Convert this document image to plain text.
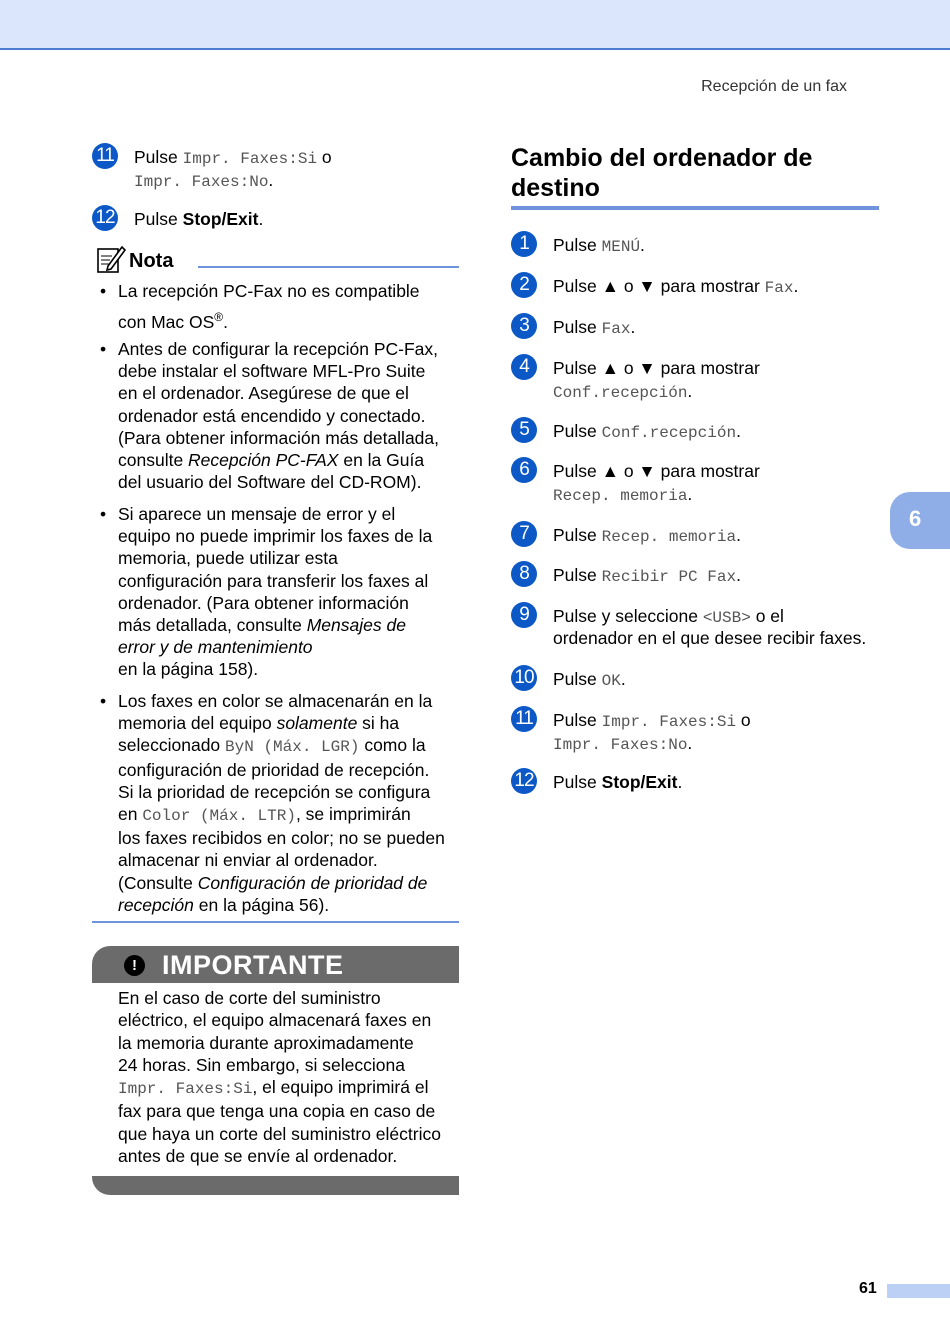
Recepción de un fax
11 Pulse Impr. Faxes:Si o
Impr. Faxes:No.
12 Pulse Stop/Exit.
Nota
• La recepción PC-Fax no es compatible
con Mac OS®.
• Antes de configurar la recepción PC-Fax,
debe instalar el software MFL-Pro Suite
en el ordenador. Asegúrese de que el
ordenador está encendido y conectado.
(Para obtener información más detallada,
consulte Recepción PC-FAX en la Guía
del usuario del Software del CD-ROM).
• Si aparece un mensaje de error y el
equipo no puede imprimir los faxes de la
memoria, puede utilizar esta
configuración para transferir los faxes al
ordenador. (Para obtener información
más detallada, consulte Mensajes de
error y de mantenimiento
en la página 158).
• Los faxes en color se almacenarán en la
memoria del equipo solamente si ha
seleccionado ByN (Máx. LGR) como la
configuración de prioridad de recepción.
Si la prioridad de recepción se configura
en Color (Máx. LTR), se imprimirán
los faxes recibidos en color; no se pueden
almacenar ni enviar al ordenador.
(Consulte Configuración de prioridad de
recepción en la página 56).
! IMPORTANTE
En el caso de corte del suministro
eléctrico, el equipo almacenará faxes en
la memoria durante aproximadamente
24 horas. Sin embargo, si selecciona
Impr. Faxes:Si, el equipo imprimirá el
fax para que tenga una copia en caso de
que haya un corte del suministro eléctrico
antes de que se envíe al ordenador.
Cambio del ordenador de
destino
1	Pulse MENÚ.
2	Pulse ▲ o ▼ para mostrar Fax.
3	Pulse Fax.
4	Pulse ▲ o ▼ para mostrar
Conf.recepción.
5	Pulse Conf.recepción.
6	Pulse ▲ o ▼ para mostrar
Recep. memoria.
7	Pulse Recep. memoria.
8	Pulse Recibir PC Fax.
9	Pulse y seleccione <USB> o el
ordenador en el que desee recibir faxes.
10 Pulse OK.
11 Pulse Impr. Faxes:Si o
Impr. Faxes:No.
12 Pulse Stop/Exit.
6
61
